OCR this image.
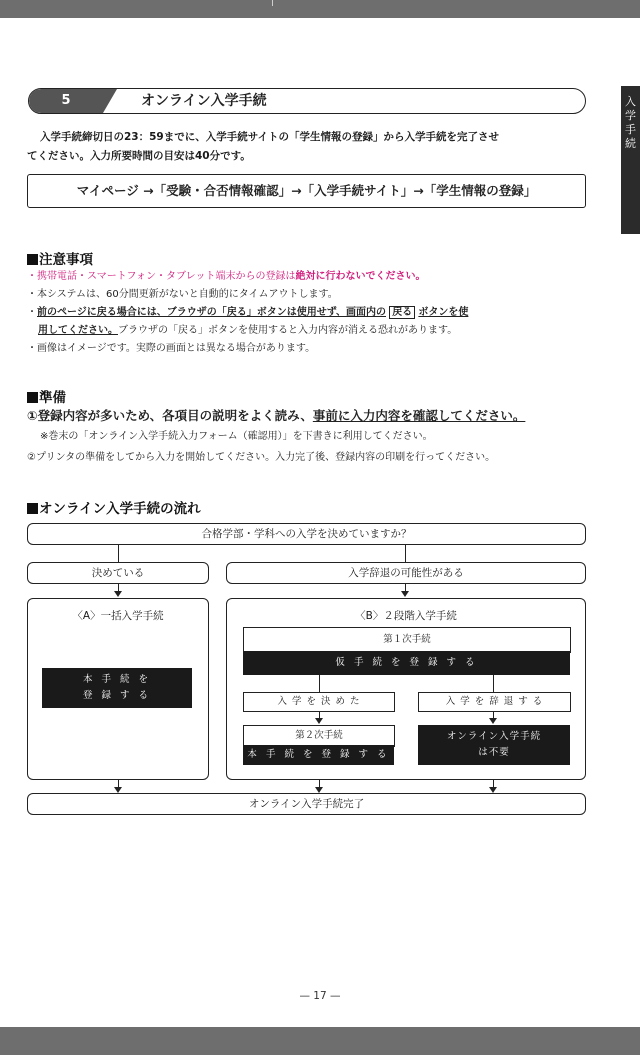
入
学
手
続
5	オンライン入学手続
入学手続締切日の23：59までに、入学手続サイトの「学生情報の登録」から入学手続を完了させ
てください。入力所要時間の目安は40分です。
マイページ →「受験・合否情報確認」→「入学手続サイト」→「学生情報の登録」
注意事項
・携帯電話・スマートフォン・タブレット端末からの登録は絶対に行わないでください。
・本システムは、60分間更新がないと自動的にタイムアウトします。
・前のページに戻る場合には、ブラウザの「戻る」ボタンは使用せず、画面内の 戻る ボタンを使
用してください。ブラウザの「戻る」ボタンを使用すると入力内容が消える恐れがあります。
・画像はイメージです。実際の画面とは異なる場合があります。
準備
①登録内容が多いため、各項目の説明をよく読み、事前に入力内容を確認してください。
※巻末の「オンライン入学手続入力フォーム（確認用）」を下書きに利用してください。
②プリンタの準備をしてから入力を開始してください。入力完了後、登録内容の印刷を行ってください。
オンライン入学手続の流れ
合格学部・学科への入学を決めていますか？
決めている	入学辞退の可能性がある
〈A〉一括入学手続
本 手 続 を
登 録 す る
〈B〉２段階入学手続
第１次手続
仮 手 続 を 登 録 す る
入 学 を 決 め た	入 学 を 辞 退 す る
第２次手続
本 手 続 を 登 録 す る
オンライン入学手続
は不要
オンライン入学手続完了
— 17 —
